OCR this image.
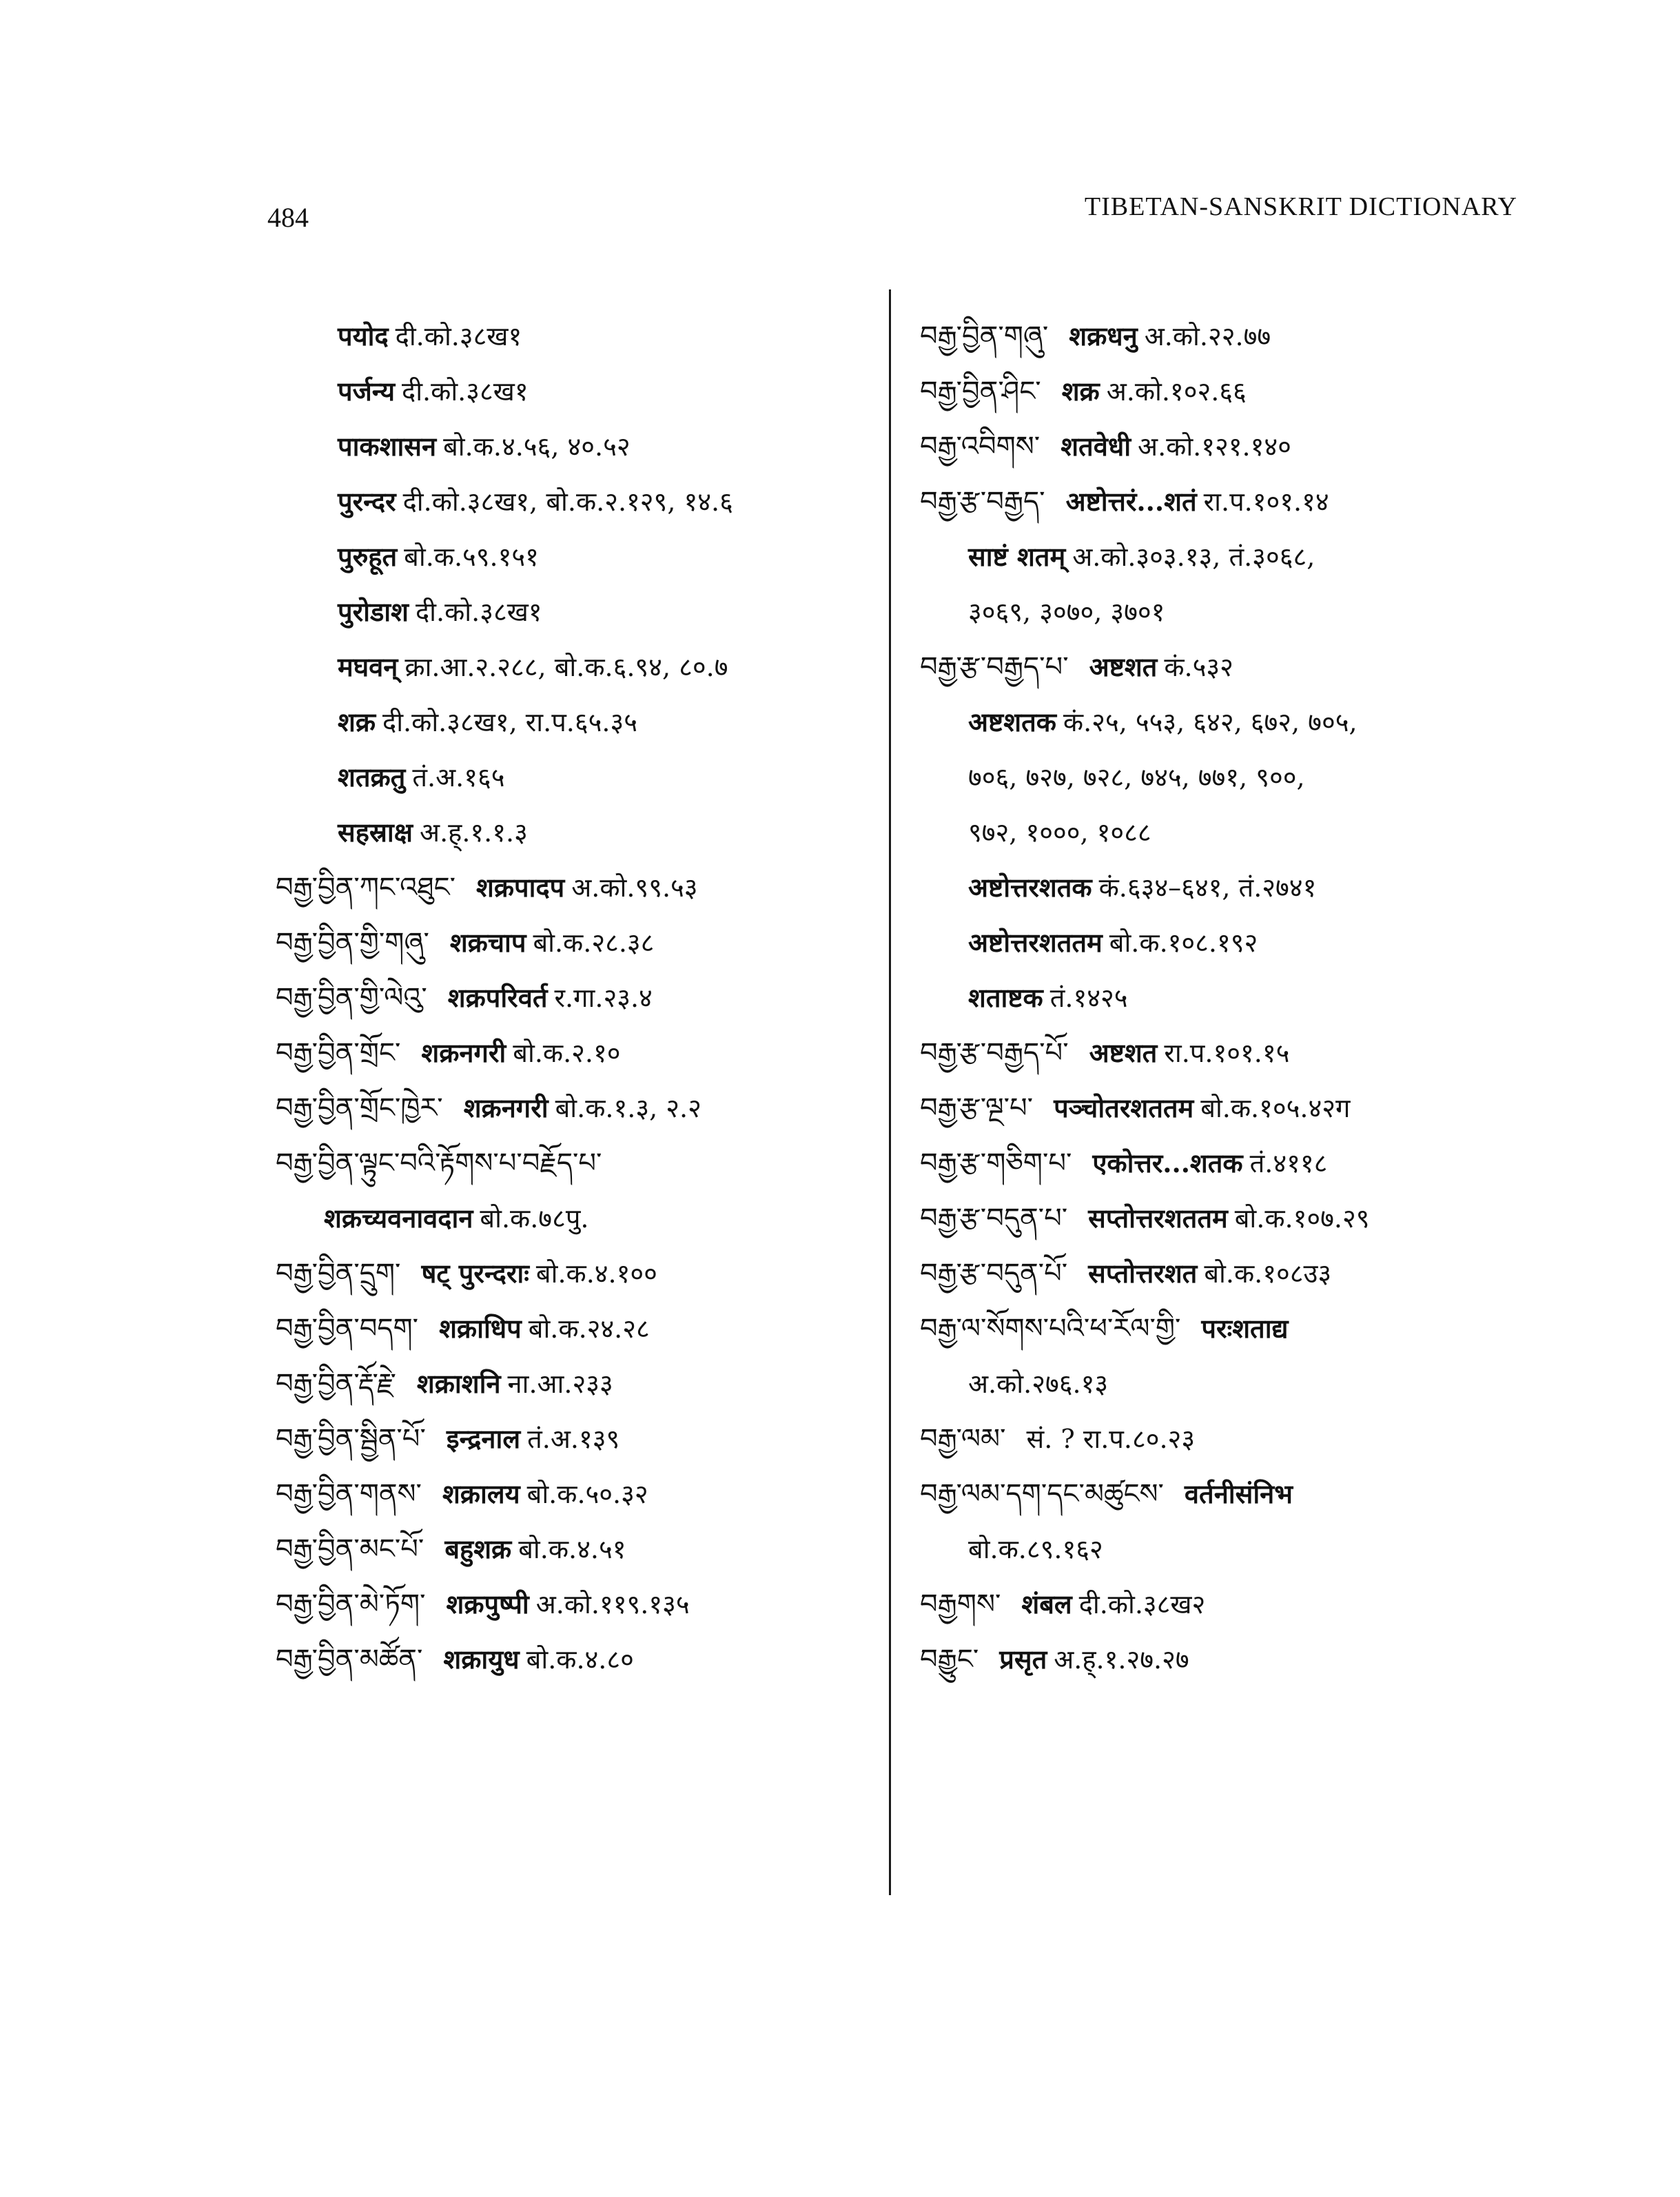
484	TIBETAN-SANSKRIT DICTIONARY
पयोद दी.को.३८ख१
पर्जन्य दी.को.३८ख१
पाकशासन बो.क.४.५६, ४०.५२
पुरन्दर दी.को.३८ख१, बो.क.२.१२९, १४.६
पुरुहूत बो.क.५९.१५१
पुरोडाश दी.को.३८ख१
मघवन् क्रा.आ.२.२८८, बो.क.६.९४, ८०.७
शक्र दी.को.३८ख१, रा.प.६५.३५
शतक्रतु तं.अ.१६५
सहस्राक्ष अ.ह्.१.१.३
བརྒྱ་བྱིན་ཀང་འཐུང་ शक्रपादप अ.को.९९.५३
བརྒྱ་བྱིན་གྱི་གཞུ་ शक्रचाप बो.क.२८.३८
བརྒྱ་བྱིན་གྱི་ལེའུ་ शक्रपरिवर्त र.गा.२३.४
བརྒྱ་བྱིན་གྲོང་ शक्रनगरी बो.क.२.१०
བརྒྱ་བྱིན་གྲོང་ཁྱེར་ शक्रनगरी बो.क.१.३, २.२
བརྒྱ་བྱིན་ལྟུང་བའི་རྟོགས་པ་བརྗོད་པ་
शक्रच्यवनावदान बो.क.७८पु.
བརྒྱ་བྱིན་དྲུག་ षट् पुरन्दराः बो.क.४.१००
བརྒྱ་བྱིན་བདག་ शक्राधिप बो.क.२४.२८
བརྒྱ་བྱིན་རྡོ་རྗེ་ शक्राशनि ना.आ.२३३
བརྒྱ་བྱིན་སྦྱིན་པོ་ इन्द्रनाल तं.अ.१३९
བརྒྱ་བྱིན་གནས་ शक्रालय बो.क.५०.३२
བརྒྱ་བྱིན་མང་པོ་ बहुशक्र बो.क.४.५१
བརྒྱ་བྱིན་མེ་ཏོག་ शक्रपुष्पी अ.को.११९.१३५
བརྒྱ་བྱིན་མཚོན་ शक्रायुध बो.क.४.८०
བརྒྱ་བྱིན་གཞུ་ शक्रधनु अ.को.२२.७७
བརྒྱ་བྱིན་ཤིང་ शक्र अ.को.१०२.६६
བརྒྱ་འབིགས་ शतवेधी अ.को.१२१.१४०
བརྒྱ་རྩ་བརྒྱད་ अष्टोत्तरं...शतं रा.प.१०१.१४
साष्टं शतम् अ.को.३०३.१३, तं.३०६८,
३०६९, ३०७०, ३७०१
བརྒྱ་རྩ་བརྒྱད་པ་ अष्टशत कं.५३२
अष्टशतक कं.२५, ५५३, ६४२, ६७२, ७०५,
७०६, ७२७, ७२८, ७४५, ७७१, ९००,
९७२, १०००, १०८८
अष्टोत्तरशतक कं.६३४–६४१, तं.२७४१
अष्टोत्तरशततम बो.क.१०८.१९२
शताष्टक तं.१४२५
བརྒྱ་རྩ་བརྒྱད་པོ་ अष्टशत रा.प.१०१.१५
བརྒྱ་རྩ་ལྔ་པ་ पञ्चोतरशततम बो.क.१०५.४२ग
བརྒྱ་རྩ་གཅིག་པ་ एकोत्तर...शतक तं.४११८
བརྒྱ་རྩ་བདུན་པ་ सप्तोत्तरशततम बो.क.१०७.२९
བརྒྱ་རྩ་བདུན་པོ་ सप्तोत्तरशत बो.क.१०८उ३
བརྒྱ་ལ་སོགས་པའི་ཕ་རོལ་གྱི་ परःशताद्य
अ.को.२७६.१३
བརྒྱ་ལམ་ सं. ? रा.प.८०.२३
བརྒྱ་ལམ་དག་དང་མཚུངས་ वर्तनीसंनिभ
बो.क.८९.१६२
བརྒྱགས་ शंबल दी.को.३८ख२
བརྒྱུང་ प्रसृत अ.ह्.१.२७.२७
